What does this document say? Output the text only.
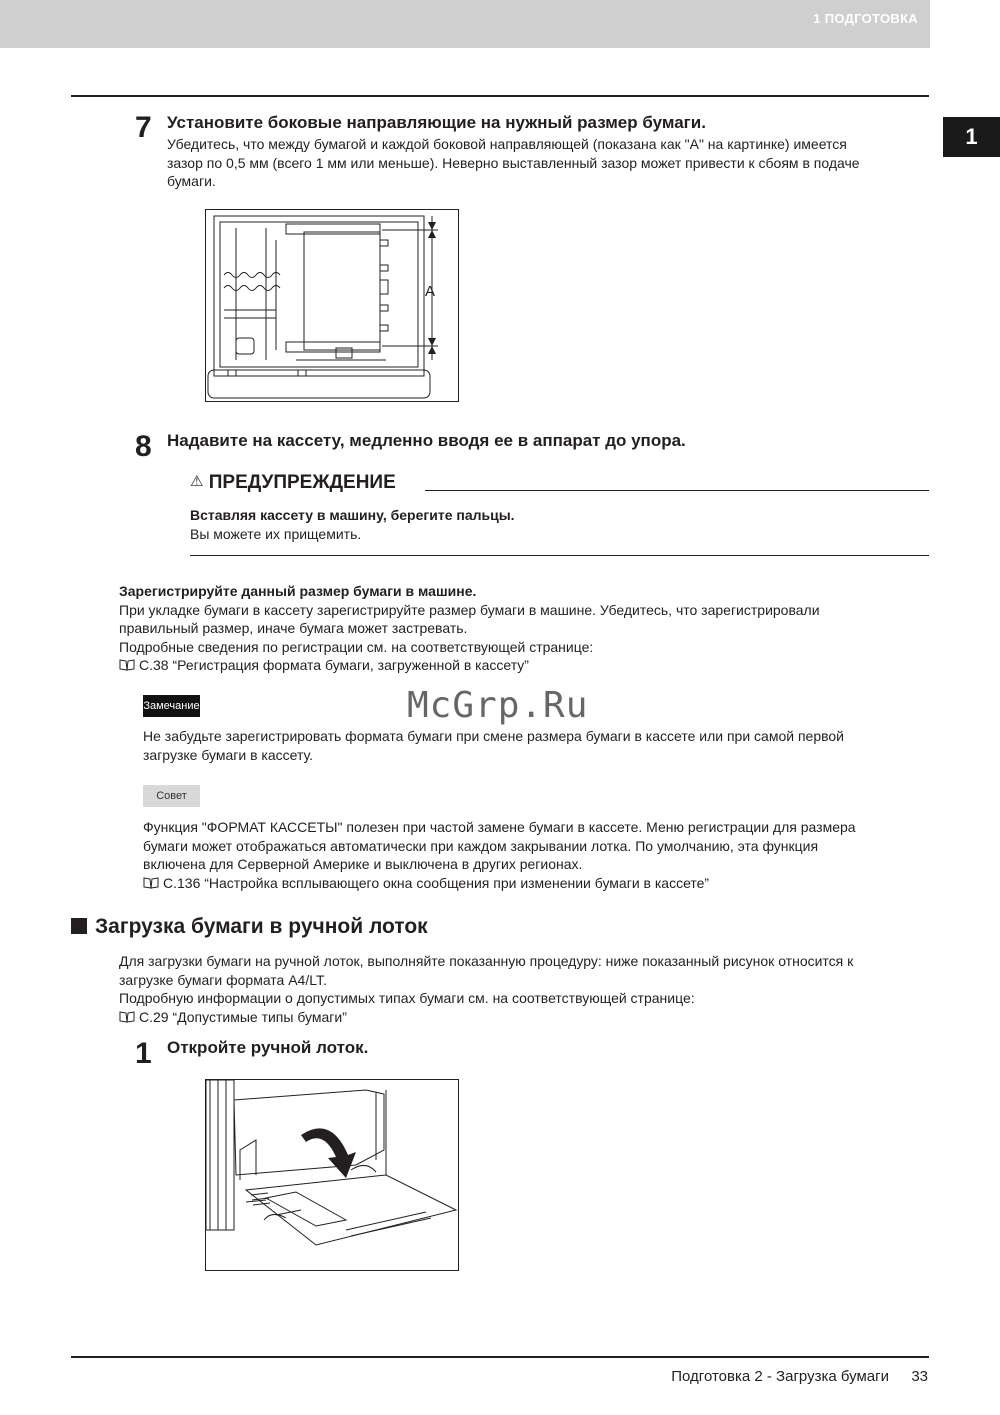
1 ПОДГОТОВКА
1
7 Установите боковые направляющие на нужный размер бумаги.
Убедитесь, что между бумагой и каждой боковой направляющей (показана как "A" на картинке) имеется
зазор по 0,5 мм (всего 1 мм или меньше). Неверно выставленный зазор может привести к сбоям в подаче
бумаги.
A
8 Надавите на кассету, медленно вводя ее в аппарат до упора.
⚠ ПРЕДУПРЕЖДЕНИЕ
Вставляя кассету в машину, берегите пальцы.
Вы можете их прищемить.
Зарегистрируйте данный размер бумаги в машине.
При укладке бумаги в кассету зарегистрируйте размер бумаги в машине. Убедитесь, что зарегистрировали
правильный размер, иначе бумага может застревать.
Подробные сведения по регистрации см. на соответствующей странице:
С.38 “Регистрация формата бумаги, загруженной в кассету”
Замечание	McGrp.Ru
Не забудьте зарегистрировать формата бумаги при смене размера бумаги в кассете или при самой первой
загрузке бумаги в кассету.
Совет
Функция "ФОРМАТ КАССЕТЫ" полезен при частой замене бумаги в кассете. Меню регистрации для размера
бумаги может отображаться автоматически при каждом закрывании лотка. По умолчанию, эта функция
включена для Серверной Америке и выключена в других регионах.
С.136 “Настройка всплывающего окна сообщения при изменении бумаги в кассете”
Загрузка бумаги в ручной лоток
Для загрузки бумаги на ручной лоток, выполняйте показанную процедуру: ниже показанный рисунок относится к
загрузке бумаги формата A4/LT.
Подробную информации о допустимых типах бумаги см. на соответствующей странице:
С.29 “Допустимые типы бумаги”
1 Откройте ручной лоток.
Подготовка 2 - Загрузка бумаги 33
